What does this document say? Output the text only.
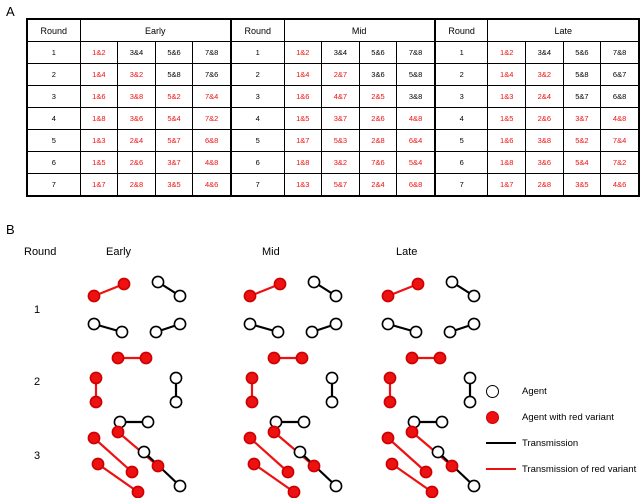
A
B
Round	Early				Round	Mid				Round	Late			
1	1&2	3&4	5&6	7&8	1	1&2	3&4	5&6	7&8	1	1&2	3&4	5&6	7&8
2	1&4	3&2	5&8	7&6	2	1&4	2&7	3&6	5&8	2	1&4	3&2	5&8	6&7
3	1&6	3&8	5&2	7&4	3	1&6	4&7	2&5	3&8	3	1&3	2&4	5&7	6&8
4	1&8	3&6	5&4	7&2	4	1&5	3&7	2&6	4&8	4	1&5	2&6	3&7	4&8
5	1&3	2&4	5&7	6&8	5	1&7	5&3	2&8	6&4	5	1&6	3&8	5&2	7&4
6	1&5	2&6	3&7	4&8	6	1&8	3&2	7&6	5&4	6	1&8	3&6	5&4	7&2
7	1&7	2&8	3&5	4&6	7	1&3	5&7	2&4	6&8	7	1&7	2&8	3&5	4&6
Round	Early	Mid	Late
1
2
3
Agent
Agent with red variant
Transmission
Transmission of red variant
